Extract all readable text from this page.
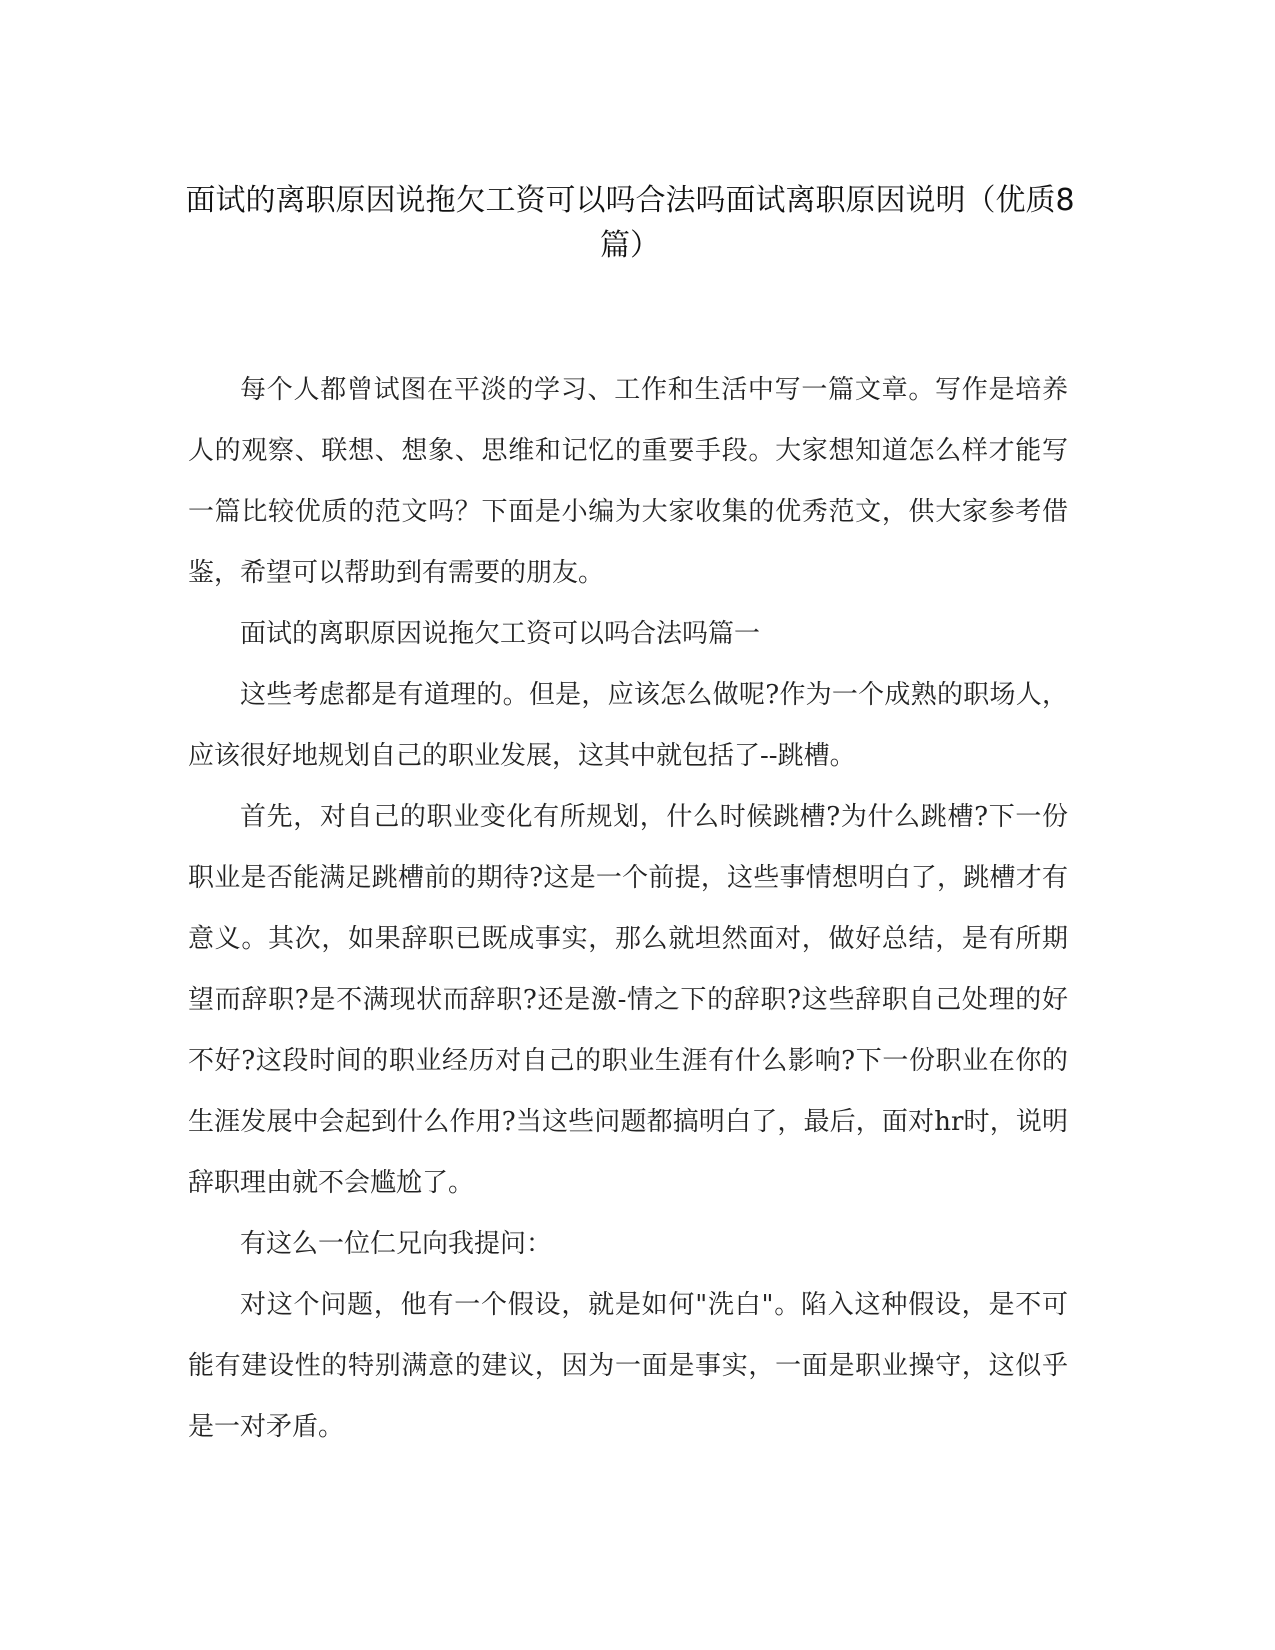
面试的离职原因说拖欠工资可以吗合法吗面试离职原因说明（优质8篇）

每个人都曾试图在平淡的学习、工作和生活中写一篇文章。写作是培养人的观察、联想、想象、思维和记忆的重要手段。大家想知道怎么样才能写一篇比较优质的范文吗？下面是小编为大家收集的优秀范文，供大家参考借鉴，希望可以帮助到有需要的朋友。

面试的离职原因说拖欠工资可以吗合法吗篇一

这些考虑都是有道理的。但是，应该怎么做呢?作为一个成熟的职场人，应该很好地规划自己的职业发展，这其中就包括了--跳槽。

首先，对自己的职业变化有所规划，什么时候跳槽?为什么跳槽?下一份职业是否能满足跳槽前的期待?这是一个前提，这些事情想明白了，跳槽才有意义。其次，如果辞职已既成事实，那么就坦然面对，做好总结，是有所期望而辞职?是不满现状而辞职?还是激-情之下的辞职?这些辞职自己处理的好不好?这段时间的职业经历对自己的职业生涯有什么影响?下一份职业在你的生涯发展中会起到什么作用?当这些问题都搞明白了，最后，面对hr时，说明辞职理由就不会尴尬了。

有这么一位仁兄向我提问：

对这个问题，他有一个假设，就是如何"洗白"。陷入这种假设，是不可能有建设性的特别满意的建议，因为一面是事实，一面是职业操守，这似乎是一对矛盾。
